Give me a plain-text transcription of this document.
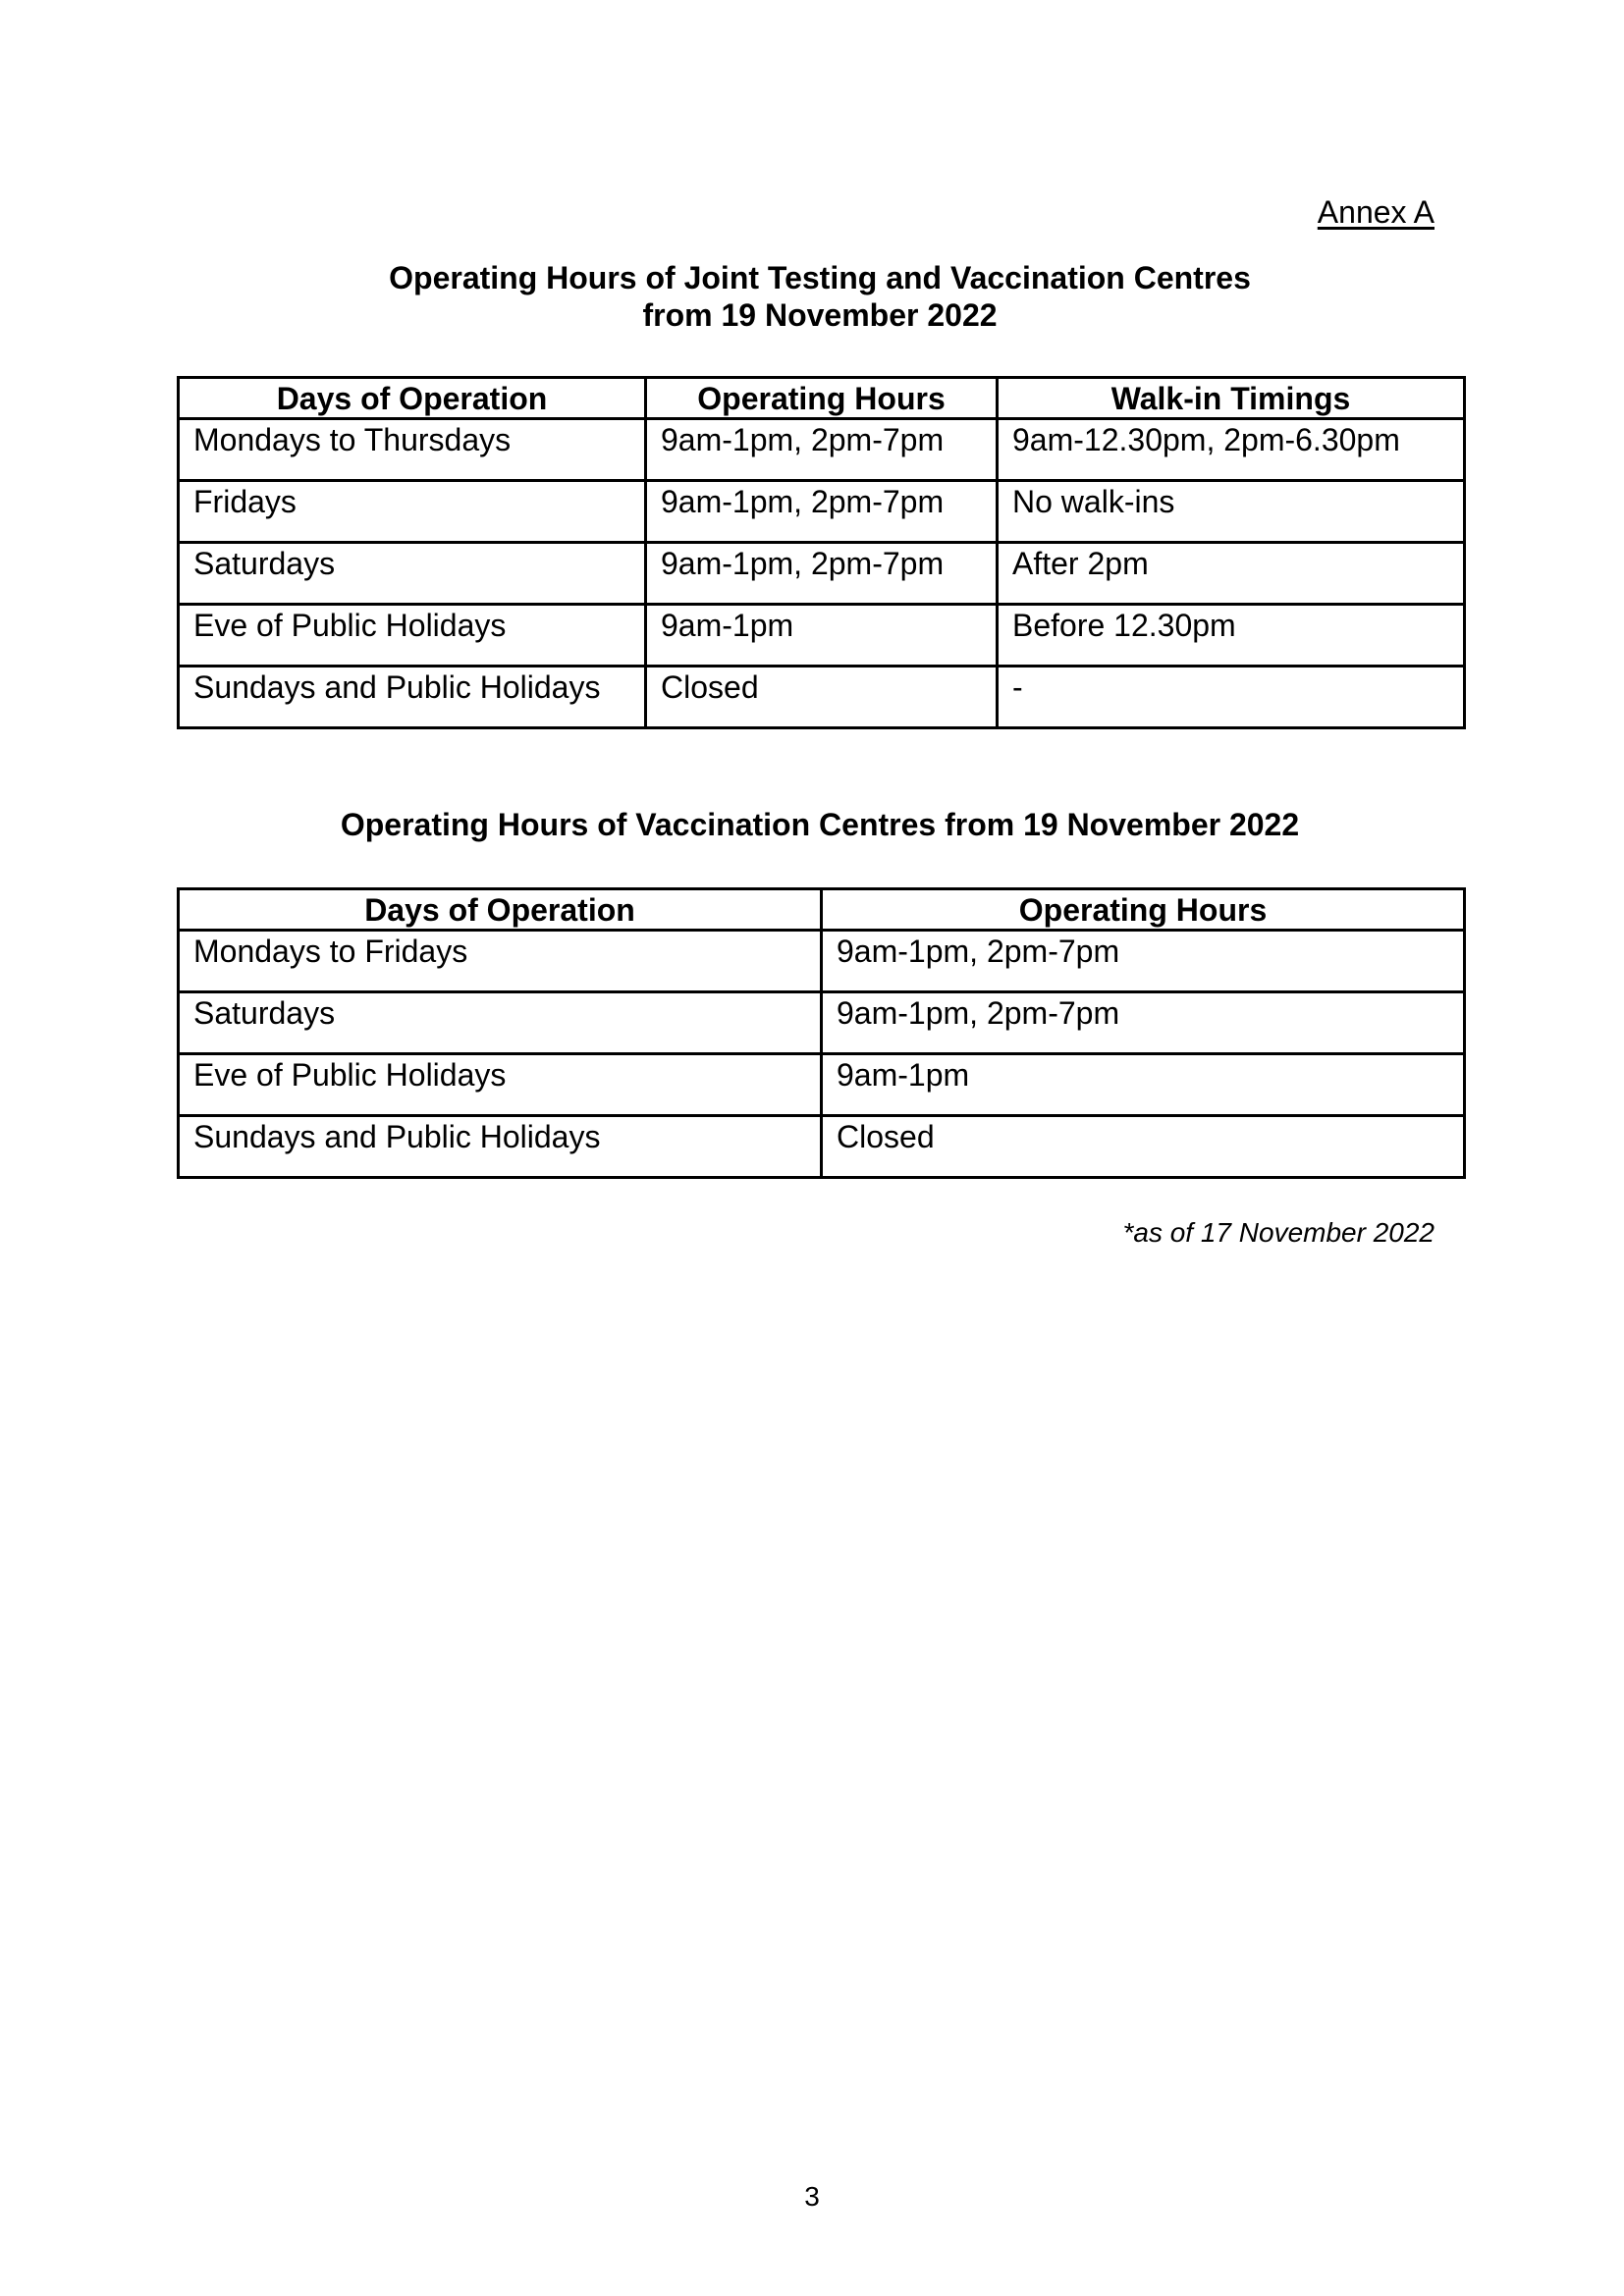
Annex A
Operating Hours of Joint Testing and Vaccination Centres
from 19 November 2022
Days of Operation	Operating Hours	Walk-in Timings
Mondays to Thursdays	9am-1pm, 2pm-7pm	9am-12.30pm, 2pm-6.30pm
Fridays	9am-1pm, 2pm-7pm	No walk-ins
Saturdays	9am-1pm, 2pm-7pm	After 2pm
Eve of Public Holidays	9am-1pm	Before 12.30pm
Sundays and Public Holidays	Closed	-
Operating Hours of Vaccination Centres from 19 November 2022
Days of Operation	Operating Hours
Mondays to Fridays	9am-1pm, 2pm-7pm
Saturdays	9am-1pm, 2pm-7pm
Eve of Public Holidays	9am-1pm
Sundays and Public Holidays	Closed
*as of 17 November 2022
3
